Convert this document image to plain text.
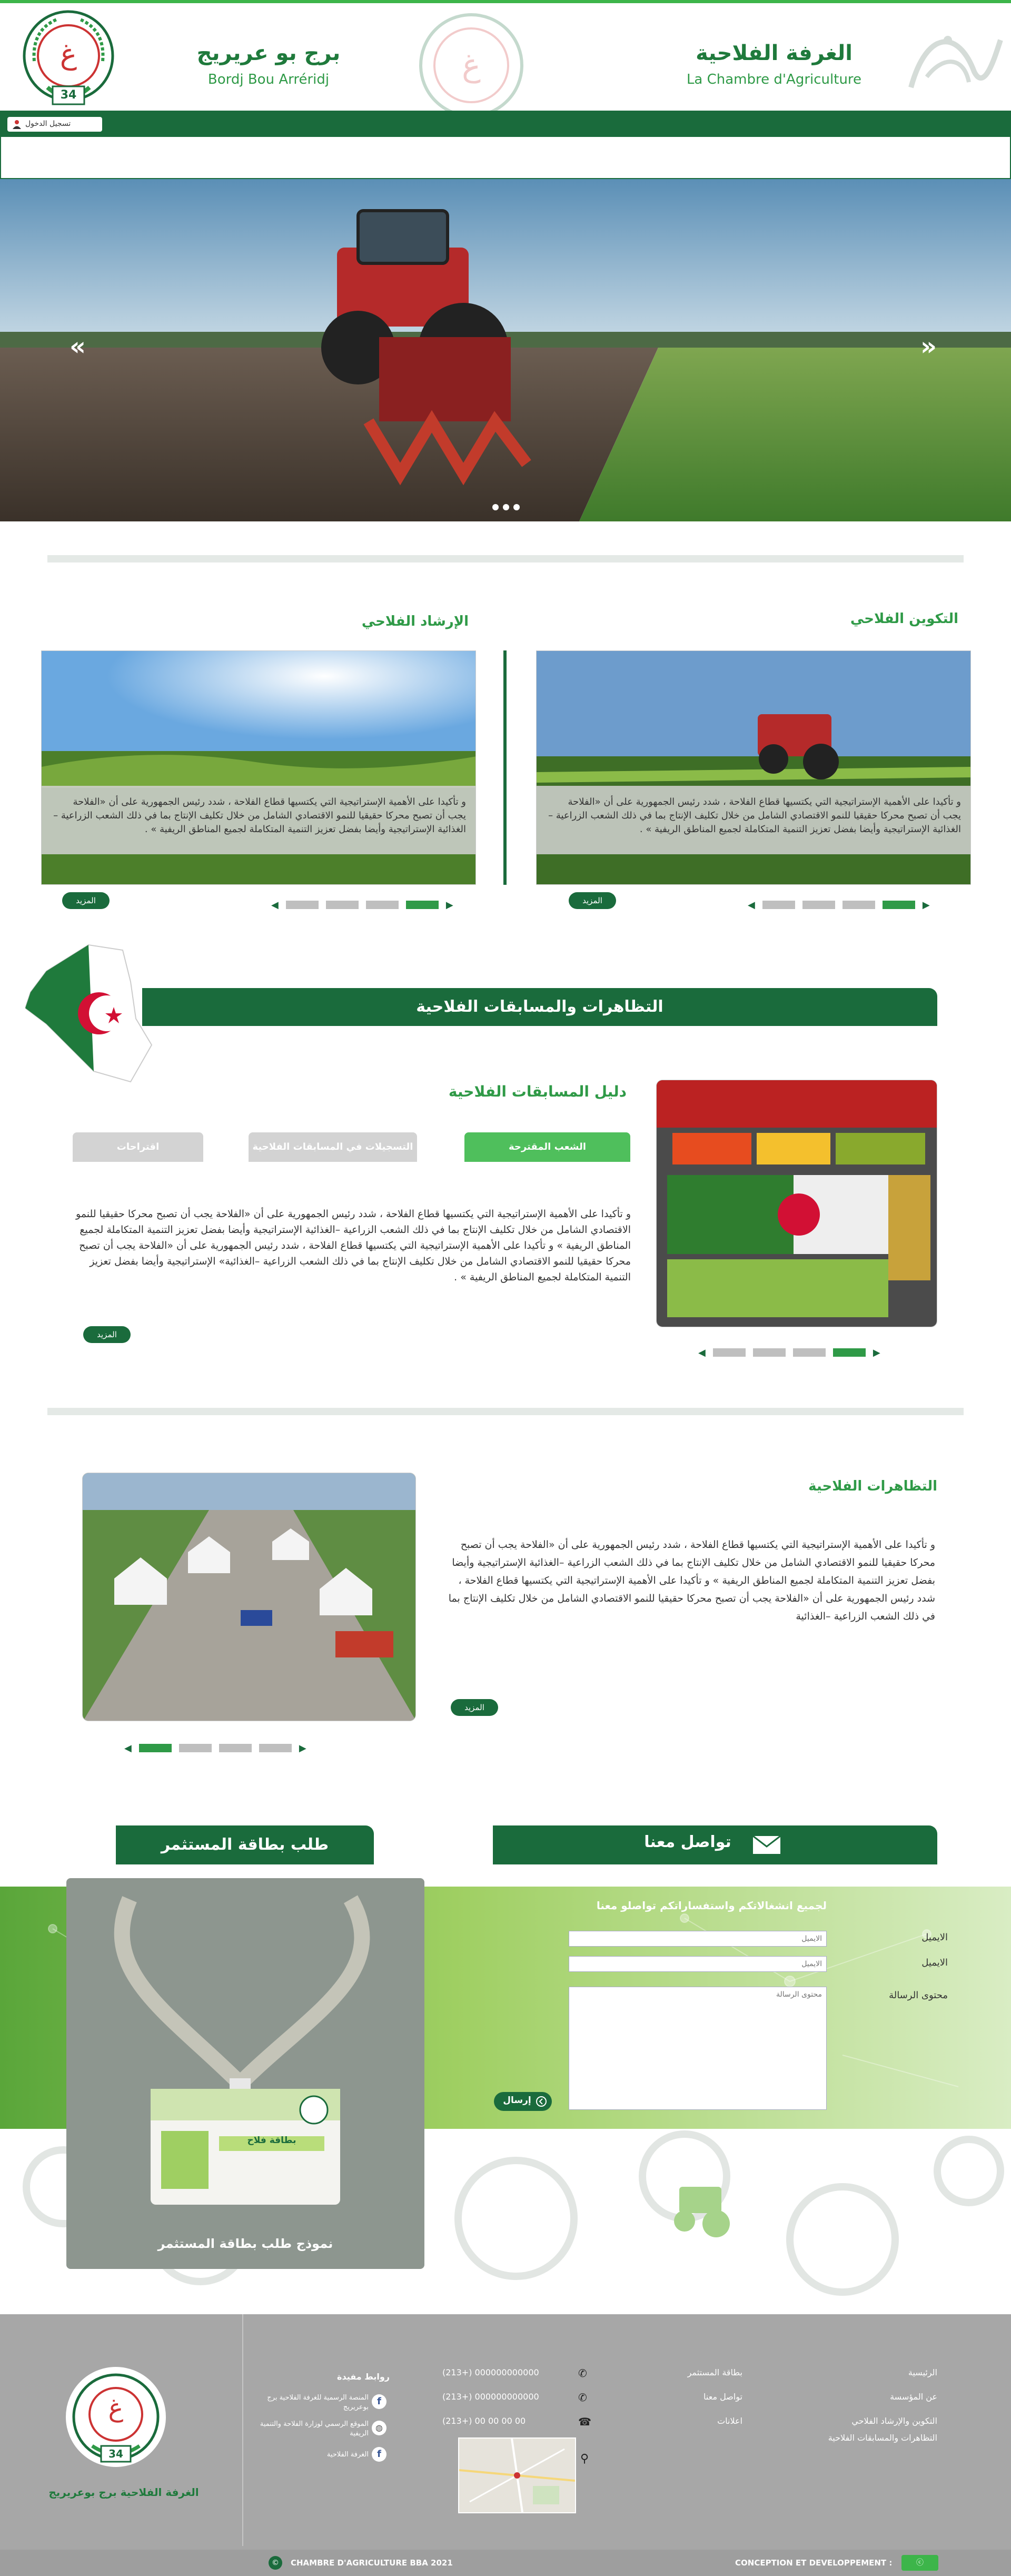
الغرفة الفلاحية
La Chambre d'Agriculture
غ
برج بو عريريج
Bordj Bou Arréridj
34
غ
تسجيل الدخول
«	»
الإرشاد الفلاحي
و تأكيدا على الأهمية الإستراتيجية التي يكتسيها قطاع الفلاحة ، شدد رئيس الجمهورية على أن «الفلاحة يجب أن تصبح محركا حقيقيا للنمو الاقتصادي الشامل من خلال تكليف الإنتاج بما في ذلك الشعب الزراعية –الغذائية الإستراتيجية وأيضا بفضل تعزيز التنمية المتكاملة لجميع المناطق الريفية » .
◀	▶
المزيد
التكوين الفلاحي
و تأكيدا على الأهمية الإستراتيجية التي يكتسيها قطاع الفلاحة ، شدد رئيس الجمهورية على أن «الفلاحة يجب أن تصبح محركا حقيقيا للنمو الاقتصادي الشامل من خلال تكليف الإنتاج بما في ذلك الشعب الزراعية –الغذائية الإستراتيجية وأيضا بفضل تعزيز التنمية المتكاملة لجميع المناطق الريفية » .
◀	▶
المزيد
التظاهرات والمسابقات الفلاحية
◀	▶
دليل المسابقات الفلاحية
الشعب المقترحة
التسجيلات في المسابقات الفلاحية
اقتراحات
و تأكيدا على الأهمية الإستراتيجية التي يكتسيها قطاع الفلاحة ، شدد رئيس الجمهورية على أن «الفلاحة يجب أن تصبح محركا حقيقيا للنمو الاقتصادي الشامل من خلال تكليف الإنتاج بما في ذلك الشعب الزراعية –الغذائية الإستراتيجية وأيضا بفضل تعزيز التنمية المتكاملة لجميع المناطق الريفية » و تأكيدا على الأهمية الإستراتيجية التي يكتسيها قطاع الفلاحة ، شدد رئيس الجمهورية على أن «الفلاحة يجب أن تصبح محركا حقيقيا للنمو الاقتصادي الشامل من خلال تكليف الإنتاج بما في ذلك الشعب الزراعية –الغذائية» الإستراتيجية وأيضا بفضل تعزيز التنمية المتكاملة لجميع المناطق الريفية » .
المزيد
التظاهرات الفلاحية
◀	▶
و تأكيدا على الأهمية الإستراتيجية التي يكتسيها قطاع الفلاحة ، شدد رئيس الجمهورية على أن «الفلاحة يجب أن تصبح محركا حقيقيا للنمو الاقتصادي الشامل من خلال تكليف الإنتاج بما في ذلك الشعب الزراعية –الغذائية الإستراتيجية وأيضا بفضل تعزيز التنمية المتكاملة لجميع المناطق الريفية » و تأكيدا على الأهمية الإستراتيجية التي يكتسيها قطاع الفلاحة ، شدد رئيس الجمهورية على أن «الفلاحة يجب أن تصبح محركا حقيقيا للنمو الاقتصادي الشامل من خلال تكليف الإنتاج بما في ذلك الشعب الزراعية –الغذائية
المزيد
تواصل معنا
طلب بطاقة المستثمر
لجميع انشغالاتكم واستفساراتكم تواصلو معنا
الايميل
الايميل
الايميل
الايميل
محتوى الرسالة
محتوى الرسالة
إرسال
بطاقة فلاح
نموذج طلب بطاقة المستثمر
34
غ
الغرفة الفلاحية برج بوعريريج
روابط مفيدة
المنصة الرسمية للغرفة الفلاحية برج بوعريريج
f
الموقع الرسمي لوزارة الفلاحة والتنمية الريفية
◍
الغرفة الفلاحية f
(213+) 000000000000	✆
(213+) 000000000000	✆
(213+) 00 00 00 00	☎
⚲
بطاقة المستثمر
تواصل معنا
اعلانات
الرئيسية
عن المؤسسة
التكوين والإرشاد الفلاحي
التظاهرات والمسابقات الفلاحية
©	CHAMBRE D'AGRICULTURE BBA 2021	CONCEPTION ET DEVELOPPEMENT :	ⓒ
